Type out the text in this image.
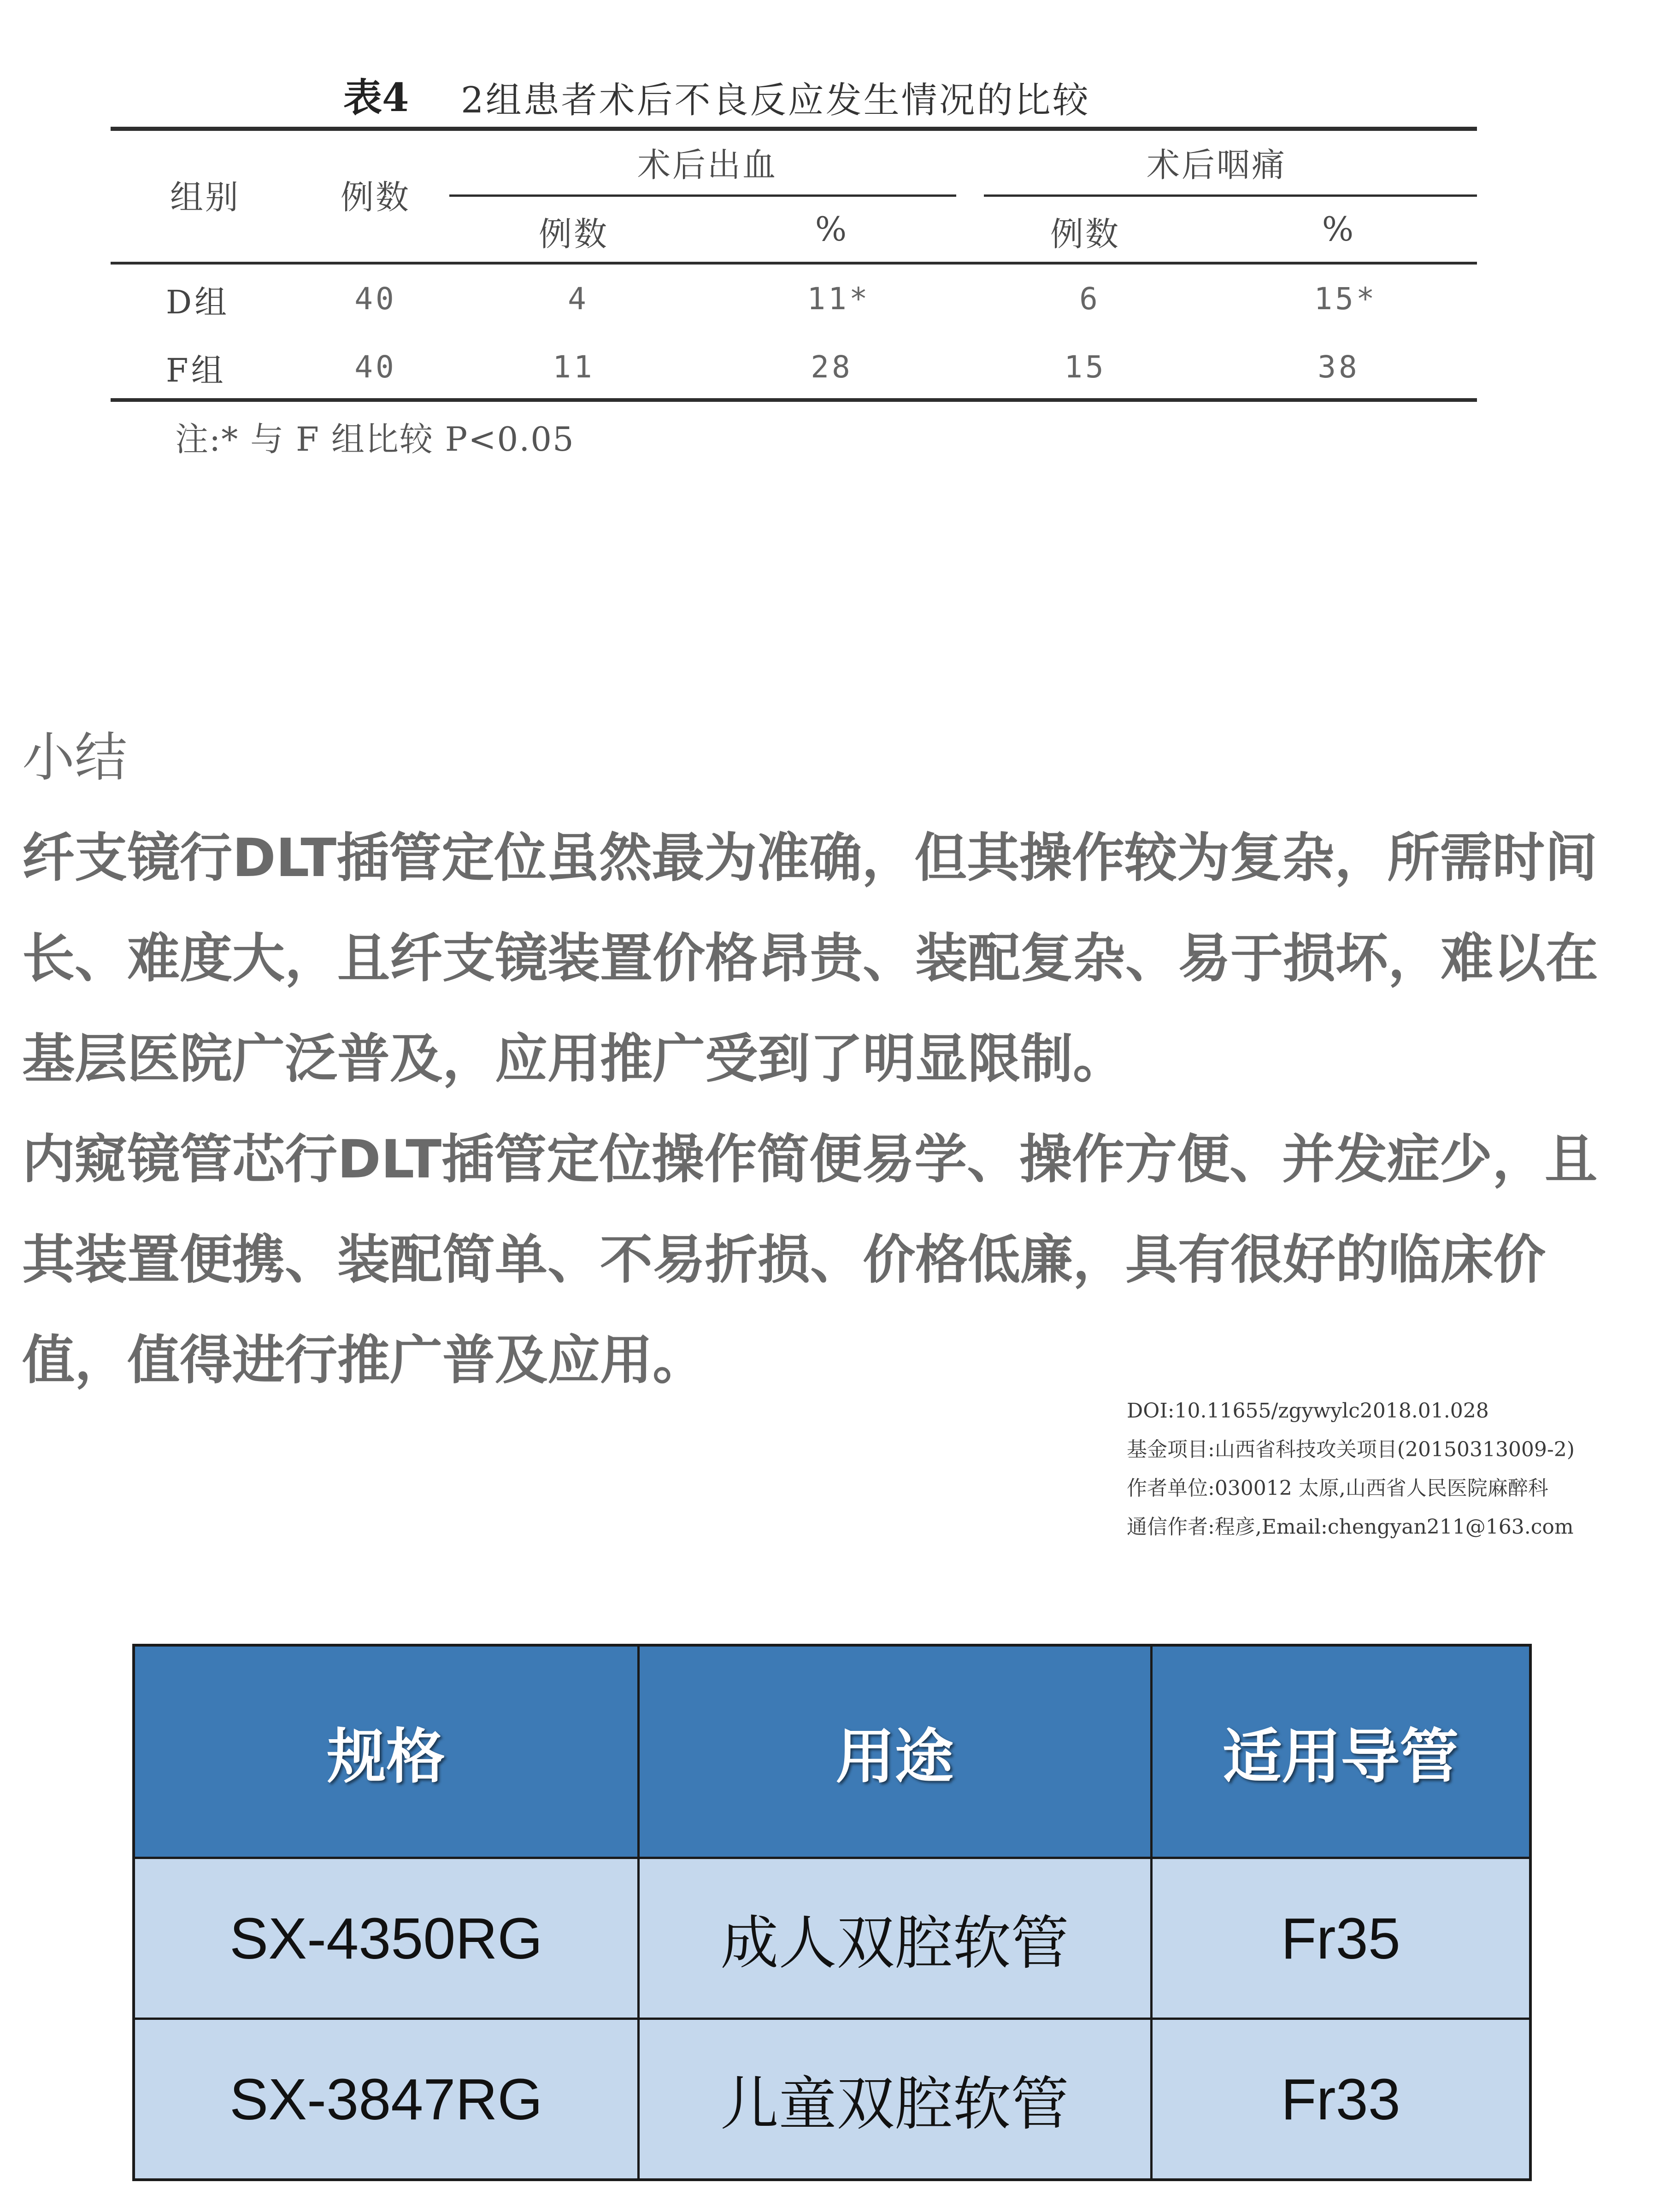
表4 2组患者术后不良反应发生情况的比较
组别	例数
术后出血	术后咽痛
例数	%	例数	%
D组	40	4	11*	6	15*
F组	40	11	28	15	38
注:* 与 F 组比较 P<0.05

小结

纤支镜行DLT插管定位虽然最为准确，但其操作较为复杂，所需时间长、难度大，且纤支镜装置价格昂贵、装配复杂、易于损坏，难以在基层医院广泛普及，应用推广受到了明显限制。

内窥镜管芯行DLT插管定位操作简便易学、操作方便、并发症少，且其装置便携、装配简单、不易折损、价格低廉，具有很好的临床价值，值得进行推广普及应用。

DOI:10.11655/zgywylc2018.01.028
基金项目:山西省科技攻关项目(20150313009-2)
作者单位:030012 太原,山西省人民医院麻醉科
通信作者:程彦,Email:chengyan211@163.com
规格	用途	适用导管
SX-4350RG	成人双腔软管	Fr35
SX-3847RG	儿童双腔软管	Fr33
